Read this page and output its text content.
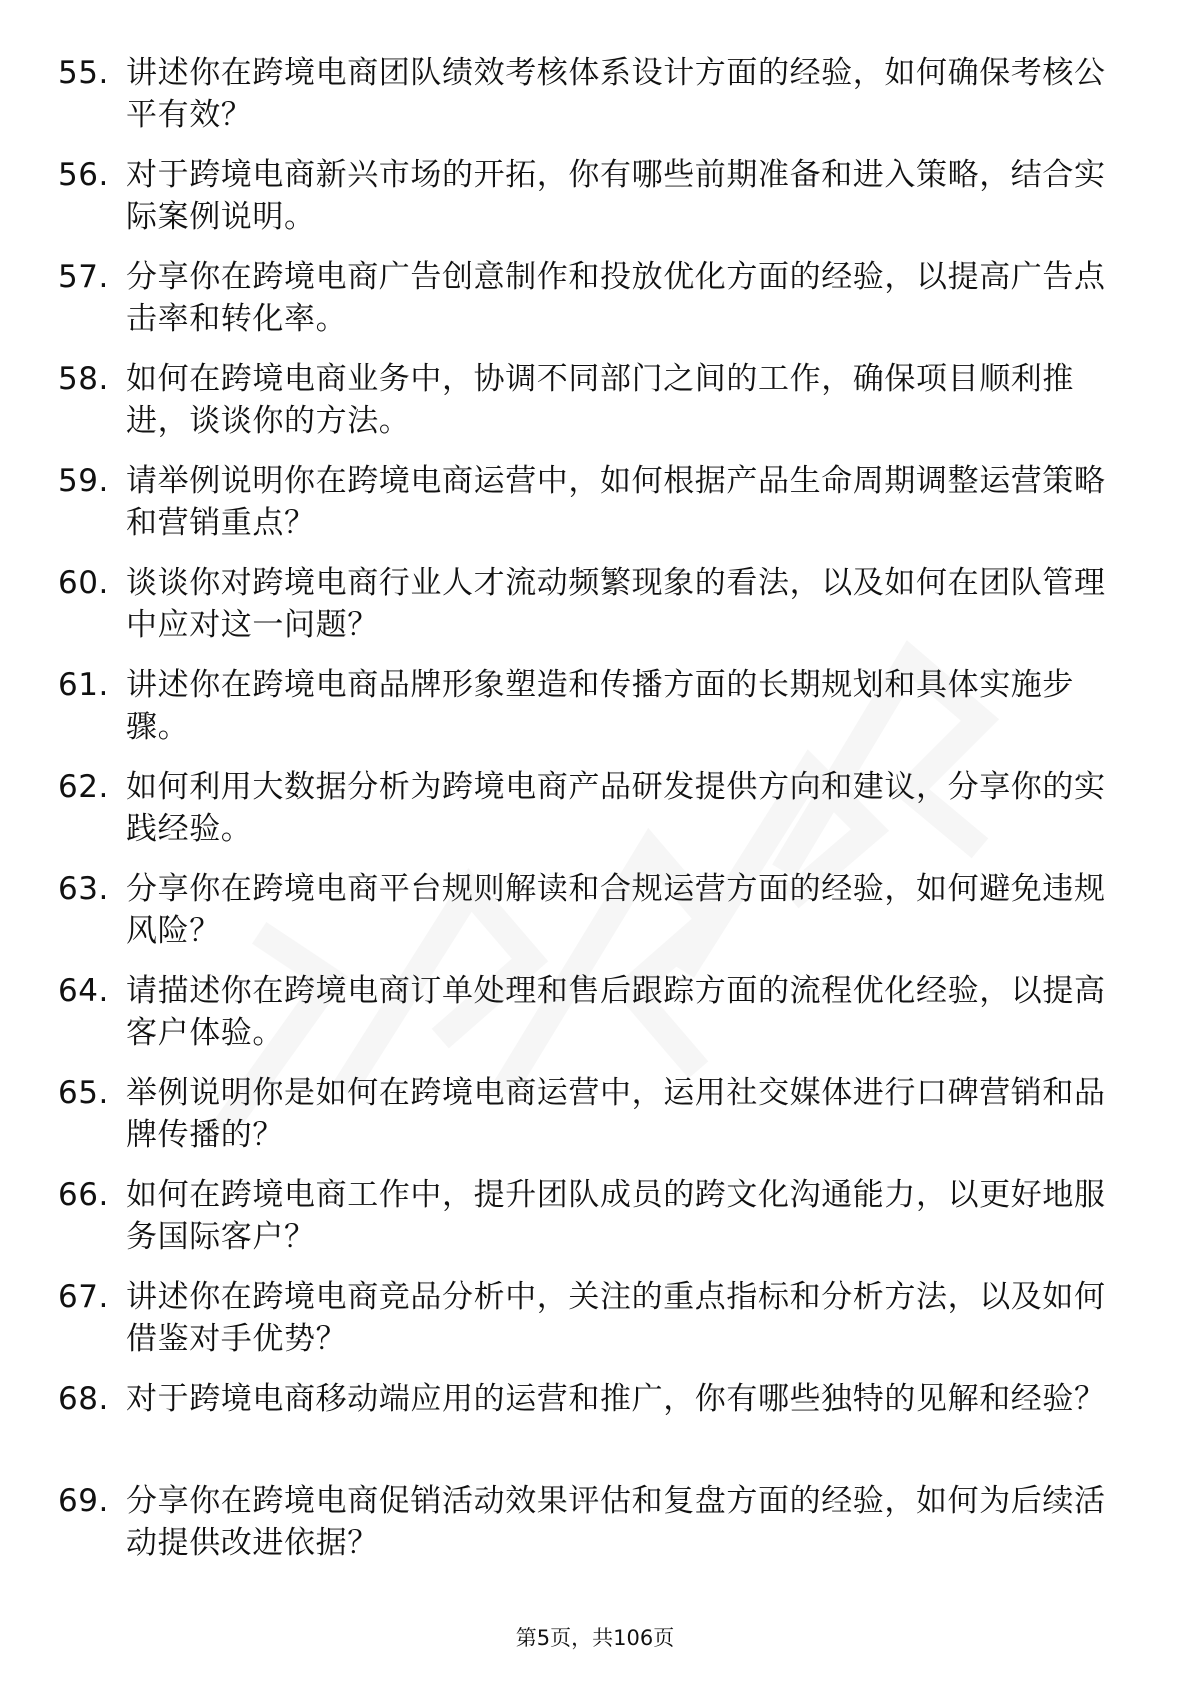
55. 讲述你在跨境电商团队绩效考核体系设计方面的经验，如何确保考核公平有效？
56. 对于跨境电商新兴市场的开拓，你有哪些前期准备和进入策略，结合实际案例说明。
57. 分享你在跨境电商广告创意制作和投放优化方面的经验，以提高广告点击率和转化率。
58. 如何在跨境电商业务中，协调不同部门之间的工作，确保项目顺利推进，谈谈你的方法。
59. 请举例说明你在跨境电商运营中，如何根据产品生命周期调整运营策略和营销重点？
60. 谈谈你对跨境电商行业人才流动频繁现象的看法，以及如何在团队管理中应对这一问题？
61. 讲述你在跨境电商品牌形象塑造和传播方面的长期规划和具体实施步骤。
62. 如何利用大数据分析为跨境电商产品研发提供方向和建议，分享你的实践经验。
63. 分享你在跨境电商平台规则解读和合规运营方面的经验，如何避免违规风险？
64. 请描述你在跨境电商订单处理和售后跟踪方面的流程优化经验，以提高客户体验。
65. 举例说明你是如何在跨境电商运营中，运用社交媒体进行口碑营销和品牌传播的？
66. 如何在跨境电商工作中，提升团队成员的跨文化沟通能力，以更好地服务国际客户？
67. 讲述你在跨境电商竞品分析中，关注的重点指标和分析方法，以及如何借鉴对手优势？
68. 对于跨境电商移动端应用的运营和推广，你有哪些独特的见解和经验？
69. 分享你在跨境电商促销活动效果评估和复盘方面的经验，如何为后续活动提供改进依据？
第5页，共106页
